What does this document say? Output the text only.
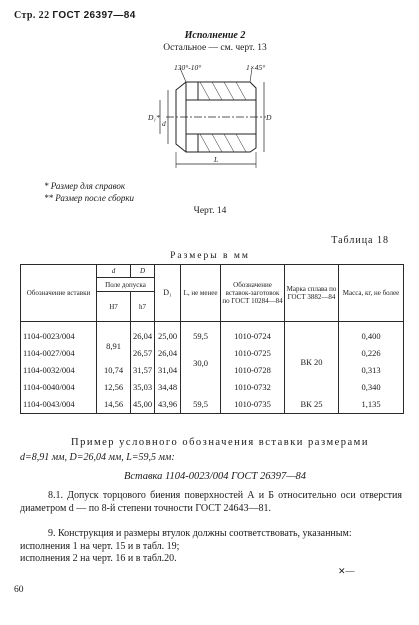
Стр. 22 ГОСТ 26397—84
Исполнение 2
Остальное — см. черт. 13
130°-10°	1×45°
D₁*
d
D
L
* Размер для справок
** Размер после сборки
Черт. 14
Таблица 18
Размеры в мм
Обозначение вставки	d	D	D₁	L, не менее	Обозначение вставок-заготовок по ГОСТ 10284—84	Марка сплава по ГОСТ 3882—84	Масса, кг, не более
	Поле допуска						
	H7	h7					

1104-0023/004		26,04	25,00	59,5	1010-0724	ВК 20	0,400
1104-0027/004	8,91	26,57	26,04		1010-0725		0,226
1104-0032/004	10,74	31,57	31,04	30,0	1010-0728		0,313
1104-0040/004	12,56	35,03	34,48		1010-0732		0,340
1104-0043/004	14,56	45,00	43,96	59,5	1010-0735	ВК 25	1,135
Пример условного обозначения вставки размерами
d=8,91 мм, D=26,04 мм, L=59,5 мм:
Вставка 1104-0023/004 ГОСТ 26397—84
8.1. Допуск торцового биения поверхностей А и Б относительно оси отверстия диаметром d — по 8-й степени точности ГОСТ 24643—81.
9. Конструкция и размеры втулок должны соответствовать, указанным:
исполнения 1 на черт. 15 и в табл. 19;
исполнения 2 на черт. 16 и в табл.20.
✕—
60
